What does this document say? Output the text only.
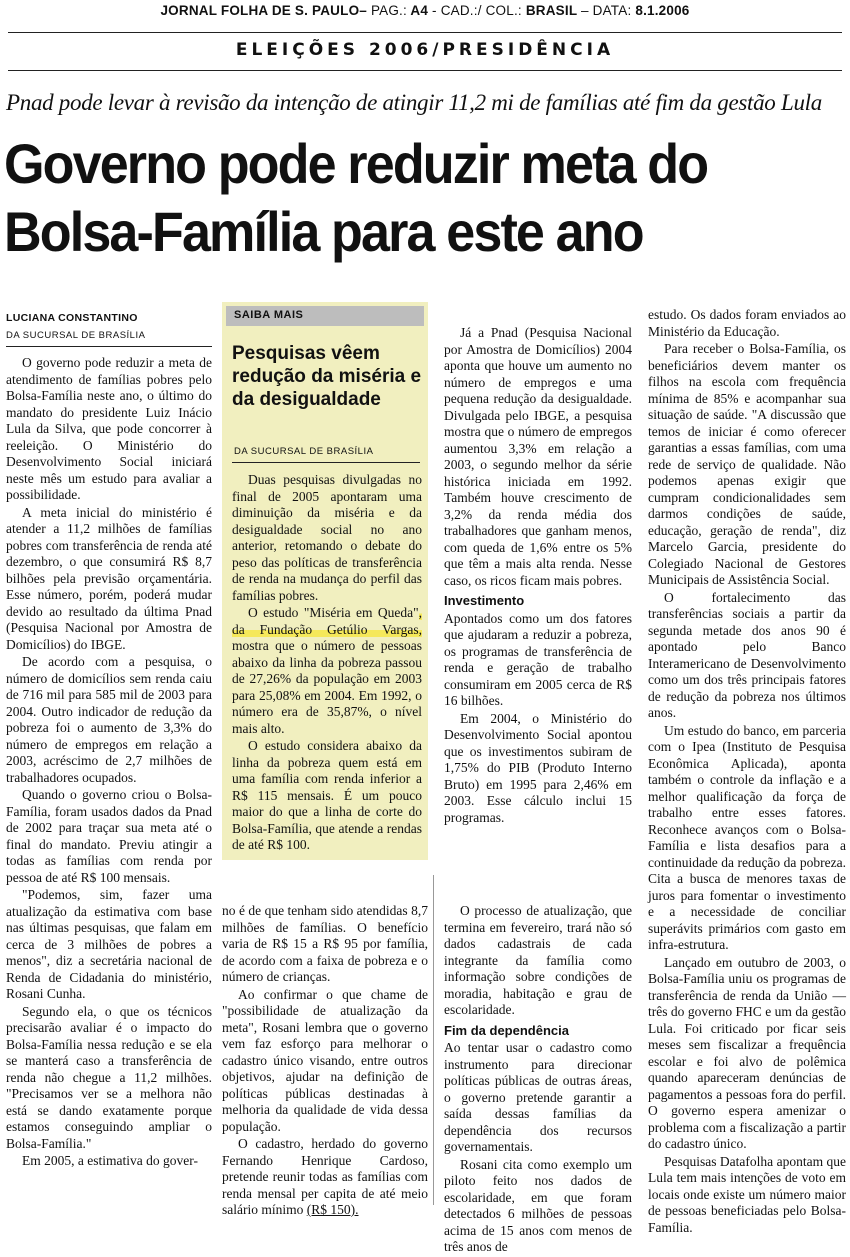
JORNAL FOLHA DE S. PAULO– PAG.: A4 - CAD.:/ COL.: BRASIL – DATA: 8.1.2006
ELEIÇÕES 2006/PRESIDÊNCIA
Pnad pode levar à revisão da intenção de atingir 11,2 mi de famílias até fim da gestão Lula
Governo pode reduzir meta do
Bolsa-Família para este ano
LUCIANA CONSTANTINO
DA SUCURSAL DE BRASÍLIA

O governo pode reduzir a meta de atendimento de famílias pobres pelo Bolsa-Família neste ano, o último do mandato do presidente Luiz Inácio Lula da Silva, que pode concorrer à reeleição. O Ministério do Desenvolvimento Social iniciará neste mês um estudo para avaliar a possibilidade.

A meta inicial do ministério é atender a 11,2 milhões de famílias pobres com transferência de renda até dezembro, o que consumirá R$ 8,7 bilhões pela previsão orçamentária. Esse número, porém, poderá mudar devido ao resultado da última Pnad (Pesquisa Nacional por Amostra de Domicílios) do IBGE.

De acordo com a pesquisa, o número de domicílios sem renda caiu de 716 mil para 585 mil de 2003 para 2004. Outro indicador de redução da pobreza foi o aumento de 3,3% do número de empregos em relação a 2003, acréscimo de 2,7 milhões de trabalhadores ocupados.

Quando o governo criou o Bolsa-Família, foram usados dados da Pnad de 2002 para traçar sua meta até o final do mandato. Previu atingir a todas as famílias com renda por pessoa de até R$ 100 mensais.

"Podemos, sim, fazer uma atualização da estimativa com base nas últimas pesquisas, que falam em cerca de 3 milhões de pobres a menos", diz a secretária nacional de Renda de Cidadania do ministério, Rosani Cunha.

Segundo ela, o que os técnicos precisarão avaliar é o impacto do Bolsa-Família nessa redução e se ela se manterá caso a transferência de renda não chegue a 11,2 milhões. "Precisamos ver se a melhora não está se dando exatamente porque estamos conseguindo ampliar o Bolsa-Família."

Em 2005, a estimativa do gover-

SAIBA MAIS
Pesquisas vêem redução da miséria e da desigualdade
DA SUCURSAL DE BRASÍLIA

Duas pesquisas divulgadas no final de 2005 apontaram uma diminuição da miséria e da desigualdade social no ano anterior, retomando o debate do peso das políticas de transferência de renda na mudança do perfil das famílias pobres.

O estudo "Miséria em Queda", da Fundação Getúlio Vargas, mostra que o número de pessoas abaixo da linha da pobreza passou de 27,26% da população em 2003 para 25,08% em 2004. Em 1992, o número era de 35,87%, o nível mais alto.

O estudo considera abaixo da linha da pobreza quem está em uma família com renda inferior a R$ 115 mensais. É um pouco maior do que a linha de corte do Bolsa-Família, que atende a rendas de até R$ 100.

Já a Pnad (Pesquisa Nacional por Amostra de Domicílios) 2004 aponta que houve um aumento no número de empregos e uma pequena redução da desigualdade. Divulgada pelo IBGE, a pesquisa mostra que o número de empregos aumentou 3,3% em relação a 2003, o segundo melhor da série histórica iniciada em 1992. Também houve crescimento de 3,2% da renda média dos trabalhadores que ganham menos, com queda de 1,6% entre os 5% que têm a mais alta renda. Nesse caso, os ricos ficam mais pobres.

Investimento

Apontados como um dos fatores que ajudaram a reduzir a pobreza, os programas de transferência de renda e geração de trabalho consumiram em 2005 cerca de R$ 16 bilhões.

Em 2004, o Ministério do Desenvolvimento Social apontou que os investimentos subiram de 1,75% do PIB (Produto Interno Bruto) em 1995 para 2,46% em 2003. Esse cálculo inclui 15 programas.

no é de que tenham sido atendidas 8,7 milhões de famílias. O benefício varia de R$ 15 a R$ 95 por família, de acordo com a faixa de pobreza e o número de crianças.

Ao confirmar o que chame de "possibilidade de atualização da meta", Rosani lembra que o governo vem faz esforço para melhorar o cadastro único visando, entre outros objetivos, ajudar na definição de políticas públicas destinadas à melhoria da qualidade de vida dessa população.

O cadastro, herdado do governo Fernando Henrique Cardoso, pretende reunir todas as famílias com renda mensal per capita de até meio salário mínimo (R$ 150).

O processo de atualização, que termina em fevereiro, trará não só dados cadastrais de cada integrante da família como informação sobre condições de moradia, habitação e grau de escolaridade.

Fim da dependência

Ao tentar usar o cadastro como instrumento para direcionar políticas públicas de outras áreas, o governo pretende garantir a saída dessas famílias da dependência dos recursos governamentais.

Rosani cita como exemplo um piloto feito nos dados de escolaridade, em que foram detectados 6 milhões de pessoas acima de 15 anos com menos de três anos de

estudo. Os dados foram enviados ao Ministério da Educação.

Para receber o Bolsa-Família, os beneficiários devem manter os filhos na escola com frequência mínima de 85% e acompanhar sua situação de saúde. "A discussão que temos de iniciar é como oferecer garantias a essas famílias, com uma rede de serviço de qualidade. Não podemos apenas exigir que cumpram condicionalidades sem darmos condições de saúde, educação, geração de renda", diz Marcelo Garcia, presidente do Colegiado Nacional de Gestores Municipais de Assistência Social.

O fortalecimento das transferências sociais a partir da segunda metade dos anos 90 é apontado pelo Banco Interamericano de Desenvolvimento como um dos três principais fatores de redução da pobreza nos últimos anos.

Um estudo do banco, em parceria com o Ipea (Instituto de Pesquisa Econômica Aplicada), aponta também o controle da inflação e a melhor qualificação da força de trabalho entre esses fatores. Reconhece avanços com o Bolsa-Família e lista desafios para a continuidade da redução da pobreza. Cita a busca de menores taxas de juros para fomentar o investimento e a necessidade de conciliar superávits primários com gasto em infra-estrutura.

Lançado em outubro de 2003, o Bolsa-Família uniu os programas de transferência de renda da União —três do governo FHC e um da gestão Lula. Foi criticado por ficar seis meses sem fiscalizar a frequência escolar e foi alvo de polêmica quando apareceram denúncias de pagamentos a pessoas fora do perfil. O governo espera amenizar o problema com a fiscalização a partir do cadastro único.

Pesquisas Datafolha apontam que Lula tem mais intenções de voto em locais onde existe um número maior de pessoas beneficiadas pelo Bolsa-Família.
